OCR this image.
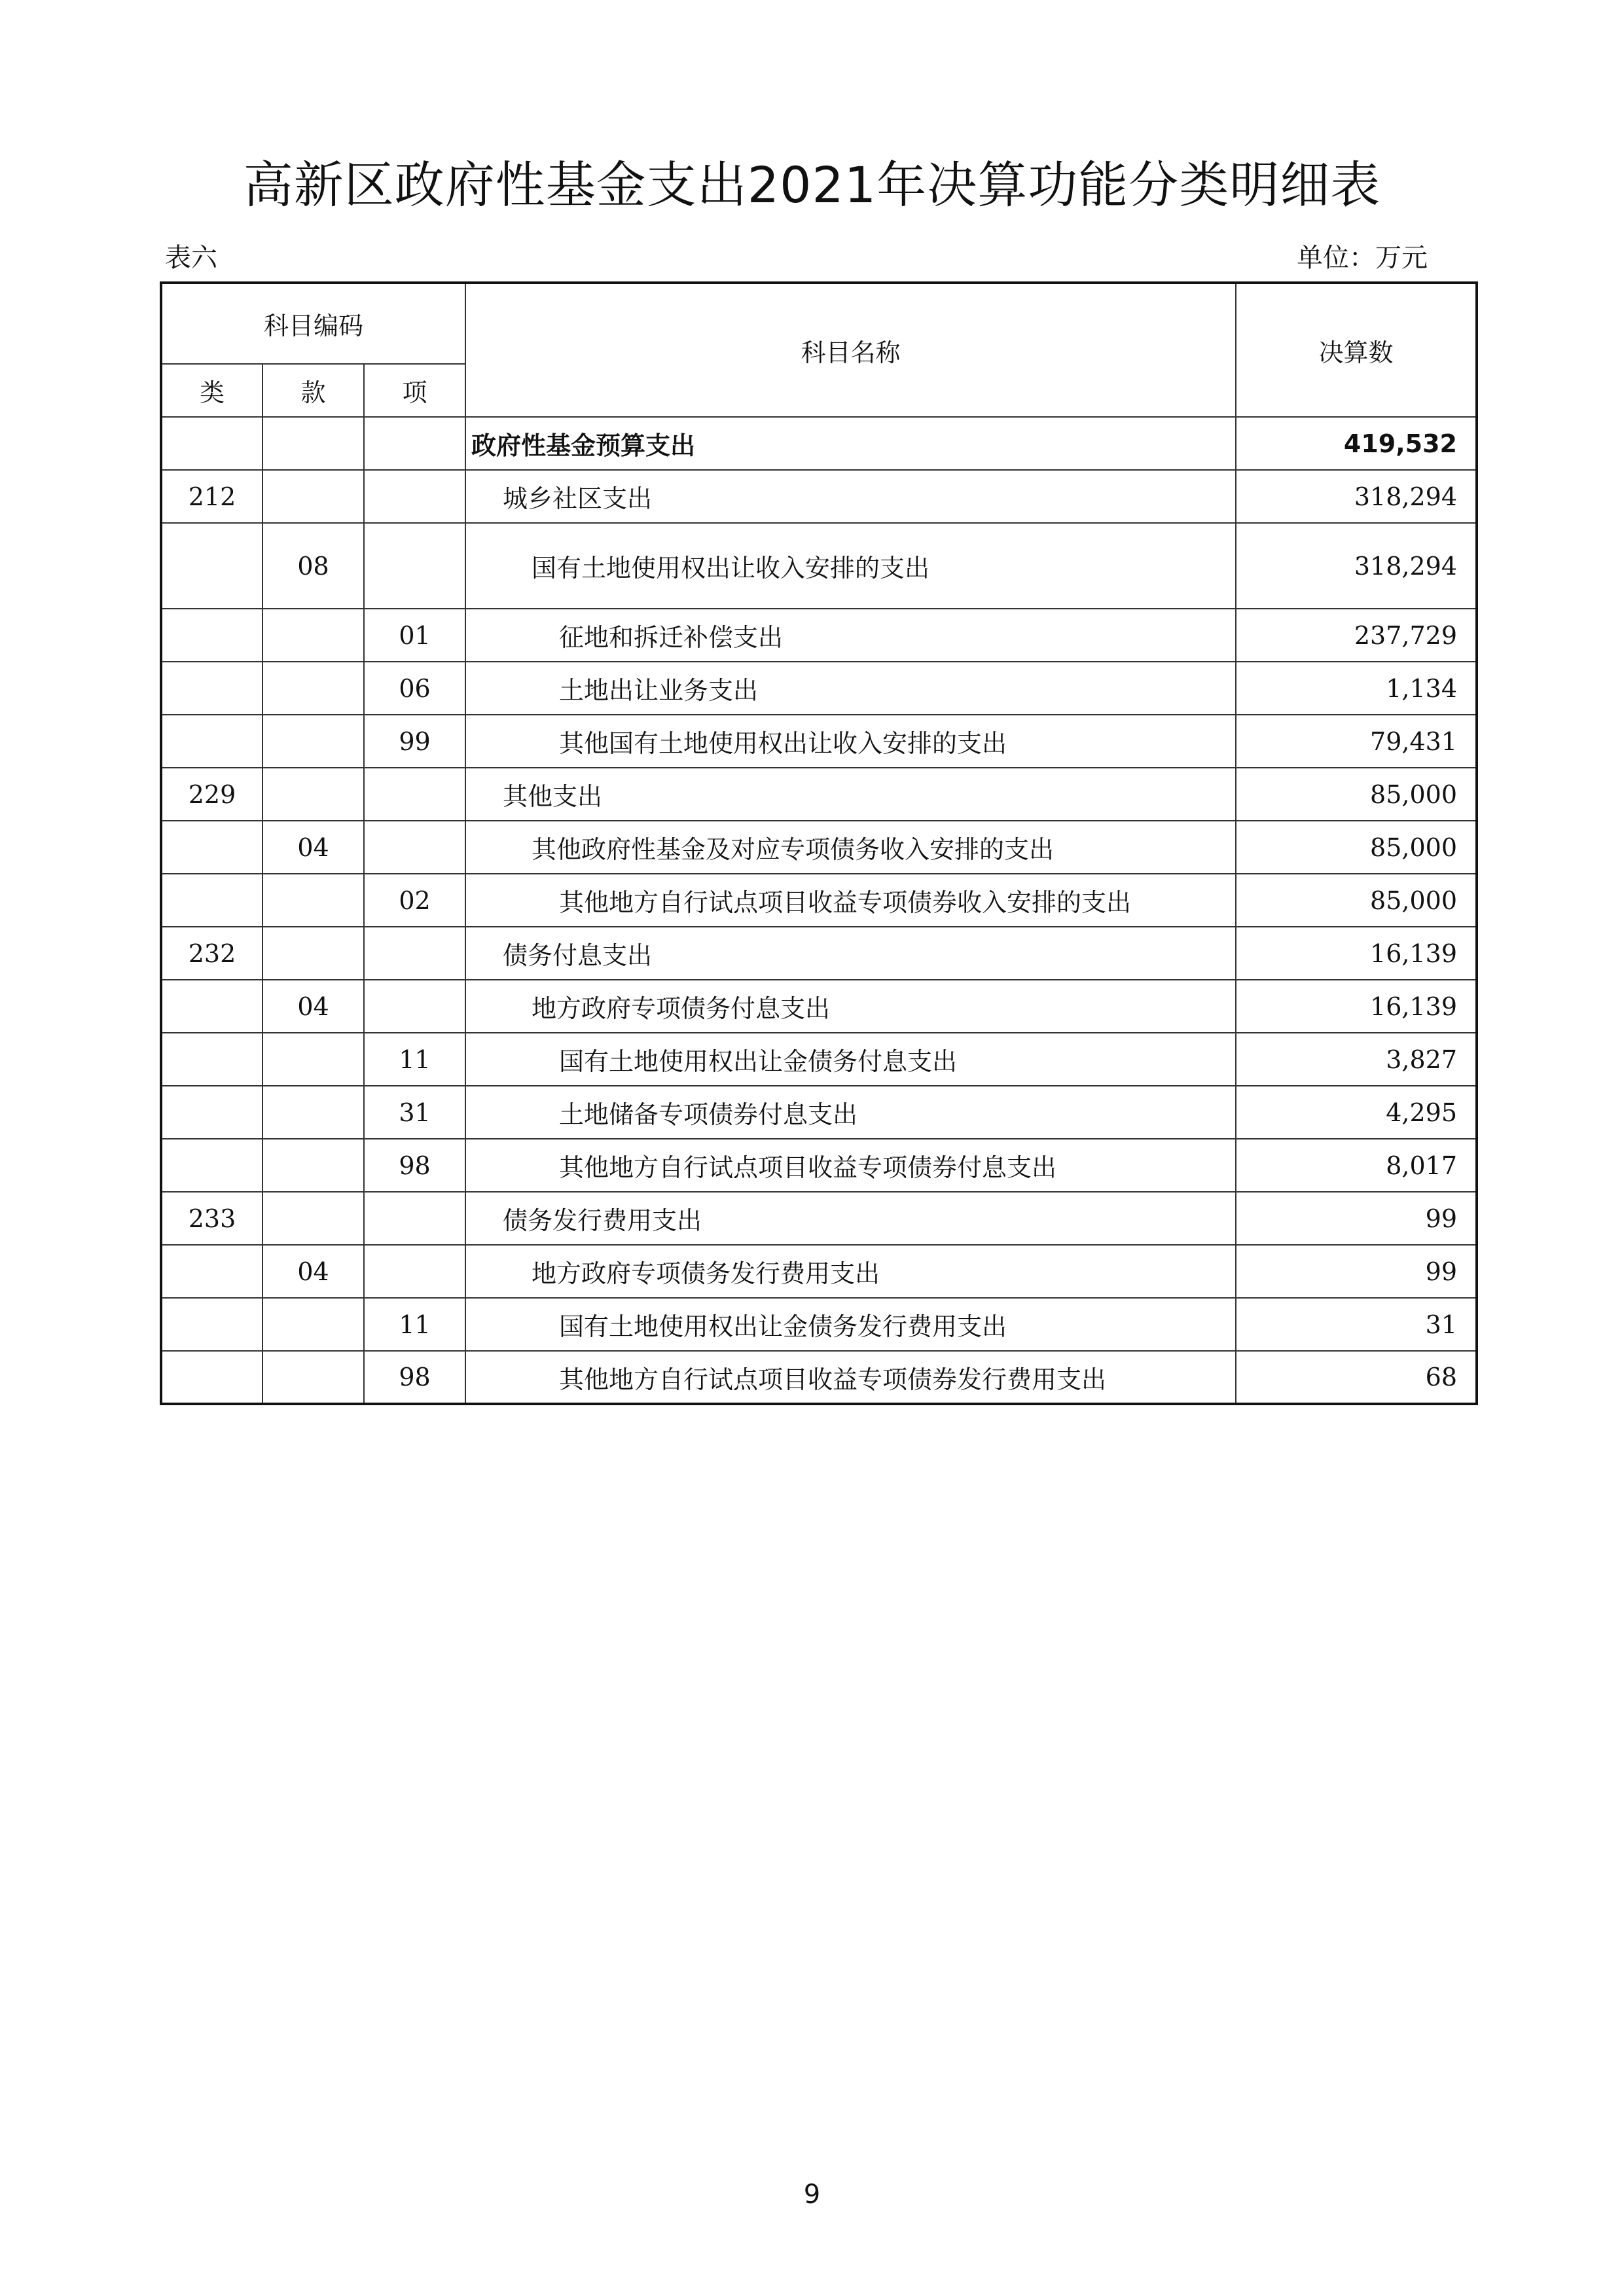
高新区政府性基金支出2021年决算功能分类明细表
表六	单位：万元
科目编码			科目名称	决算数
类	款	项		
			政府性基金预算支出	419,532
212			城乡社区支出	318,294
	08		国有土地使用权出让收入安排的支出	318,294
		01	征地和拆迁补偿支出	237,729
		06	土地出让业务支出	1,134
		99	其他国有土地使用权出让收入安排的支出	79,431
229			其他支出	85,000
	04		其他政府性基金及对应专项债务收入安排的支出	85,000
		02	其他地方自行试点项目收益专项债券收入安排的支出	85,000
232			债务付息支出	16,139
	04		地方政府专项债务付息支出	16,139
		11	国有土地使用权出让金债务付息支出	3,827
		31	土地储备专项债券付息支出	4,295
		98	其他地方自行试点项目收益专项债券付息支出	8,017
233			债务发行费用支出	99
	04		地方政府专项债务发行费用支出	99
		11	国有土地使用权出让金债务发行费用支出	31
		98	其他地方自行试点项目收益专项债券发行费用支出	68
9
